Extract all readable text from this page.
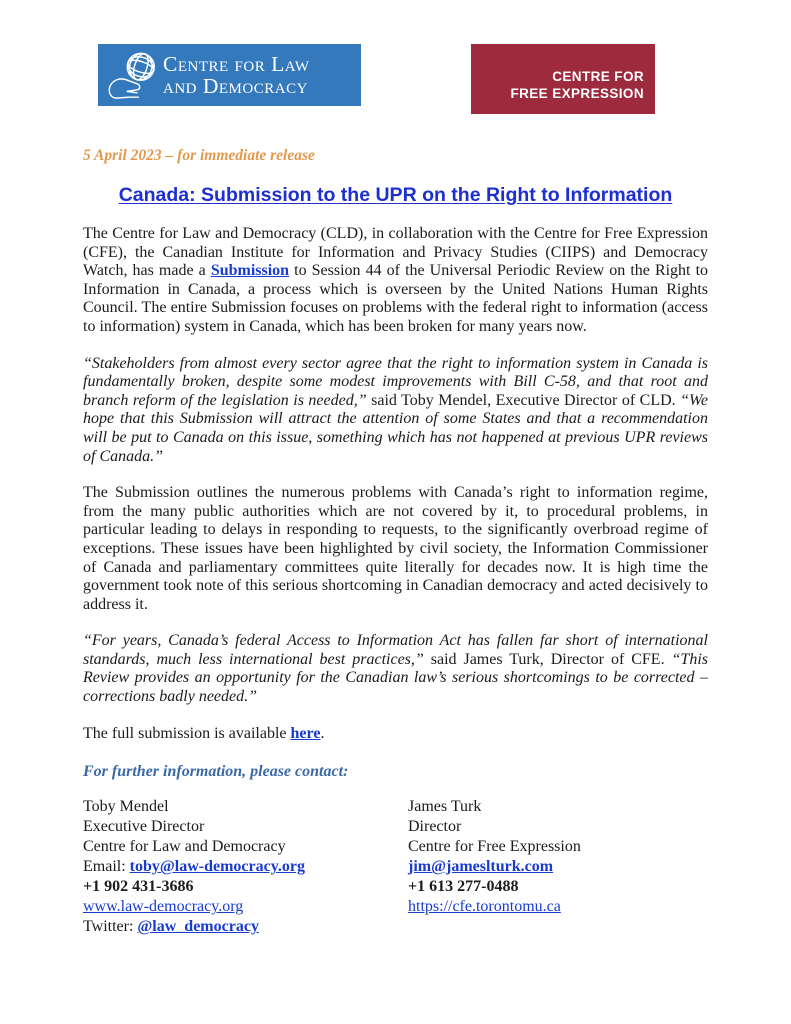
Centre for Law
and Democracy	CENTRE FOR
FREE EXPRESSION
5 April 2023 – for immediate release
Canada: Submission to the UPR on the Right to Information

The Centre for Law and Democracy (CLD), in collaboration with the Centre for Free Expression (CFE), the Canadian Institute for Information and Privacy Studies (CIIPS) and Democracy Watch, has made a Submission to Session 44 of the Universal Periodic Review on the Right to Information in Canada, a process which is overseen by the United Nations Human Rights Council. The entire Submission focuses on problems with the federal right to information (access to information) system in Canada, which has been broken for many years now.

“Stakeholders from almost every sector agree that the right to information system in Canada is fundamentally broken, despite some modest improvements with Bill C-58, and that root and branch reform of the legislation is needed,” said Toby Mendel, Executive Director of CLD. “We hope that this Submission will attract the attention of some States and that a recommendation will be put to Canada on this issue, something which has not happened at previous UPR reviews of Canada.”

The Submission outlines the numerous problems with Canada’s right to information regime, from the many public authorities which are not covered by it, to procedural problems, in particular leading to delays in responding to requests, to the significantly overbroad regime of exceptions. These issues have been highlighted by civil society, the Information Commissioner of Canada and parliamentary committees quite literally for decades now. It is high time the government took note of this serious shortcoming in Canadian democracy and acted decisively to address it.

“For years, Canada’s federal Access to Information Act has fallen far short of international standards, much less international best practices,” said James Turk, Director of CFE. “This Review provides an opportunity for the Canadian law’s serious shortcomings to be corrected – corrections badly needed.”

The full submission is available here.

For further information, please contact:
Toby Mendel
Executive Director
Centre for Law and Democracy
Email: toby@law-democracy.org
+1 902 431-3686
www.law-democracy.org
Twitter: @law_democracy
James Turk
Director
Centre for Free Expression
jim@jameslturk.com
+1 613 277-0488
https://cfe.torontomu.ca
